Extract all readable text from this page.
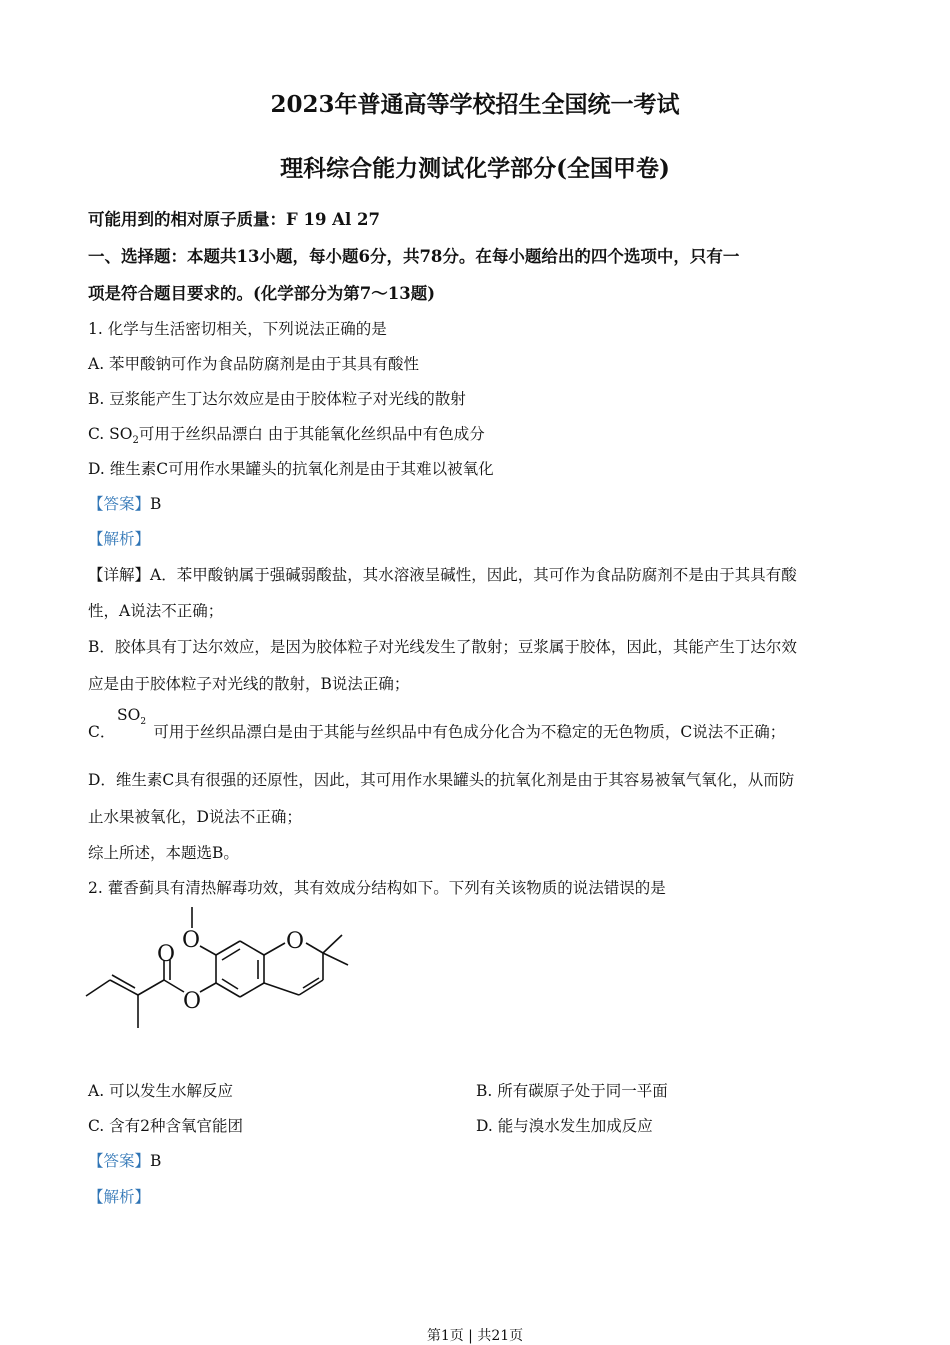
2023年普通高等学校招生全国统一考试
理科综合能力测试化学部分(全国甲卷)
可能用到的相对原子质量：F 19 Al 27
一、选择题：本题共13小题，每小题6分，共78分。在每小题给出的四个选项中，只有一
项是符合题目要求的。(化学部分为第7～13题)
1. 化学与生活密切相关，下列说法正确的是
A. 苯甲酸钠可作为食品防腐剂是由于其具有酸性
B. 豆浆能产生丁达尔效应是由于胶体粒子对光线的散射
C. $SO_2$可用于丝织品漂白 由于其能氧化丝织品中有色成分
D. 维生素C可用作水果罐头的抗氧化剂是由于其难以被氧化
【答案】B
【解析】
【详解】A．苯甲酸钠属于强碱弱酸盐，其水溶液呈碱性，因此，其可作为食品防腐剂不是由于其具有酸
性，A说法不正确；
B．胶体具有丁达尔效应，是因为胶体粒子对光线发生了散射；豆浆属于胶体，因此，其能产生丁达尔效
应是由于胶体粒子对光线的散射，B说法正确；
$SO_2$
C． 可用于丝织品漂白是由于其能与丝织品中有色成分化合为不稳定的无色物质，C说法不正确；
D．维生素C具有很强的还原性，因此，其可用作水果罐头的抗氧化剂是由于其容易被氧气氧化，从而防
止水果被氧化，D说法不正确；
综上所述，本题选B。
2. 藿香蓟具有清热解毒功效，其有效成分结构如下。下列有关该物质的说法错误的是
O	O
O
O
A. 可以发生水解反应	B. 所有碳原子处于同一平面
C. 含有2种含氧官能团	D. 能与溴水发生加成反应
【答案】B
【解析】
第1页 | 共21页
